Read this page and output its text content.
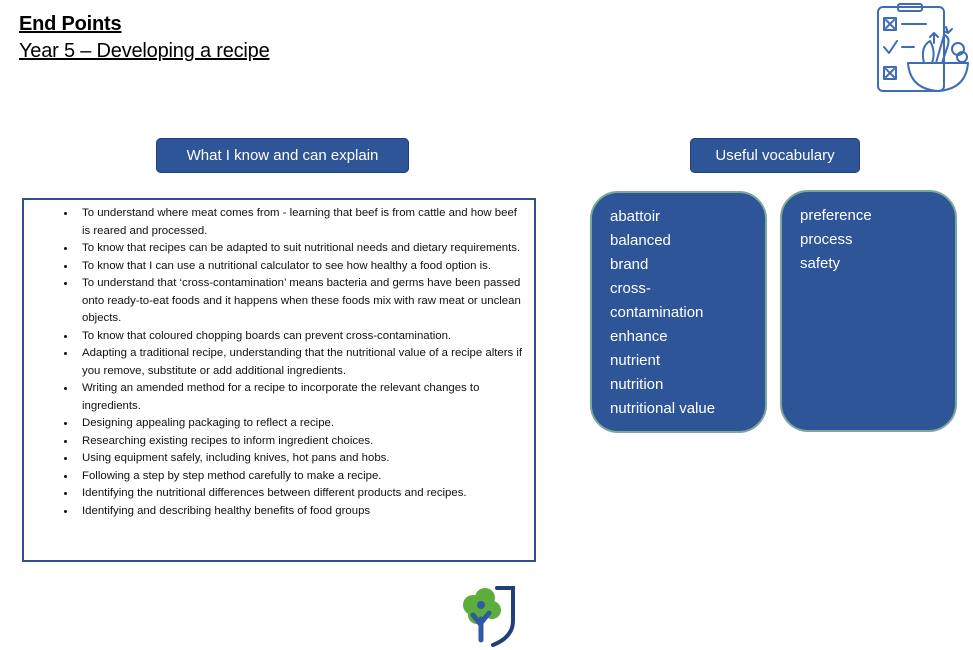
End Points
Year 5 – Developing a recipe
What I know and can explain	Useful vocabulary
• To understand where meat comes from - learning that beef is from cattle and how beef is reared and processed.
• To know that recipes can be adapted to suit nutritional needs and dietary requirements.
• To know that I can use a nutritional calculator to see how healthy a food option is.
• To understand that ‘cross-contamination’ means bacteria and germs have been passed onto ready-to-eat foods and it happens when these foods mix with raw meat or unclean objects.
• To know that coloured chopping boards can prevent cross-contamination.
• Adapting a traditional recipe, understanding that the nutritional value of a recipe alters if you remove, substitute or add additional ingredients.
• Writing an amended method for a recipe to incorporate the relevant changes to ingredients.
• Designing appealing packaging to reflect a recipe.
• Researching existing recipes to inform ingredient choices.
• Using equipment safely, including knives, hot pans and hobs.
• Following a step by step method carefully to make a recipe.
• Identifying the nutritional differences between different products and recipes.
• Identifying and describing healthy benefits of food groups
abattoir
balanced
brand
cross-
contamination
enhance
nutrient
nutrition
nutritional value
preference
process
safety
